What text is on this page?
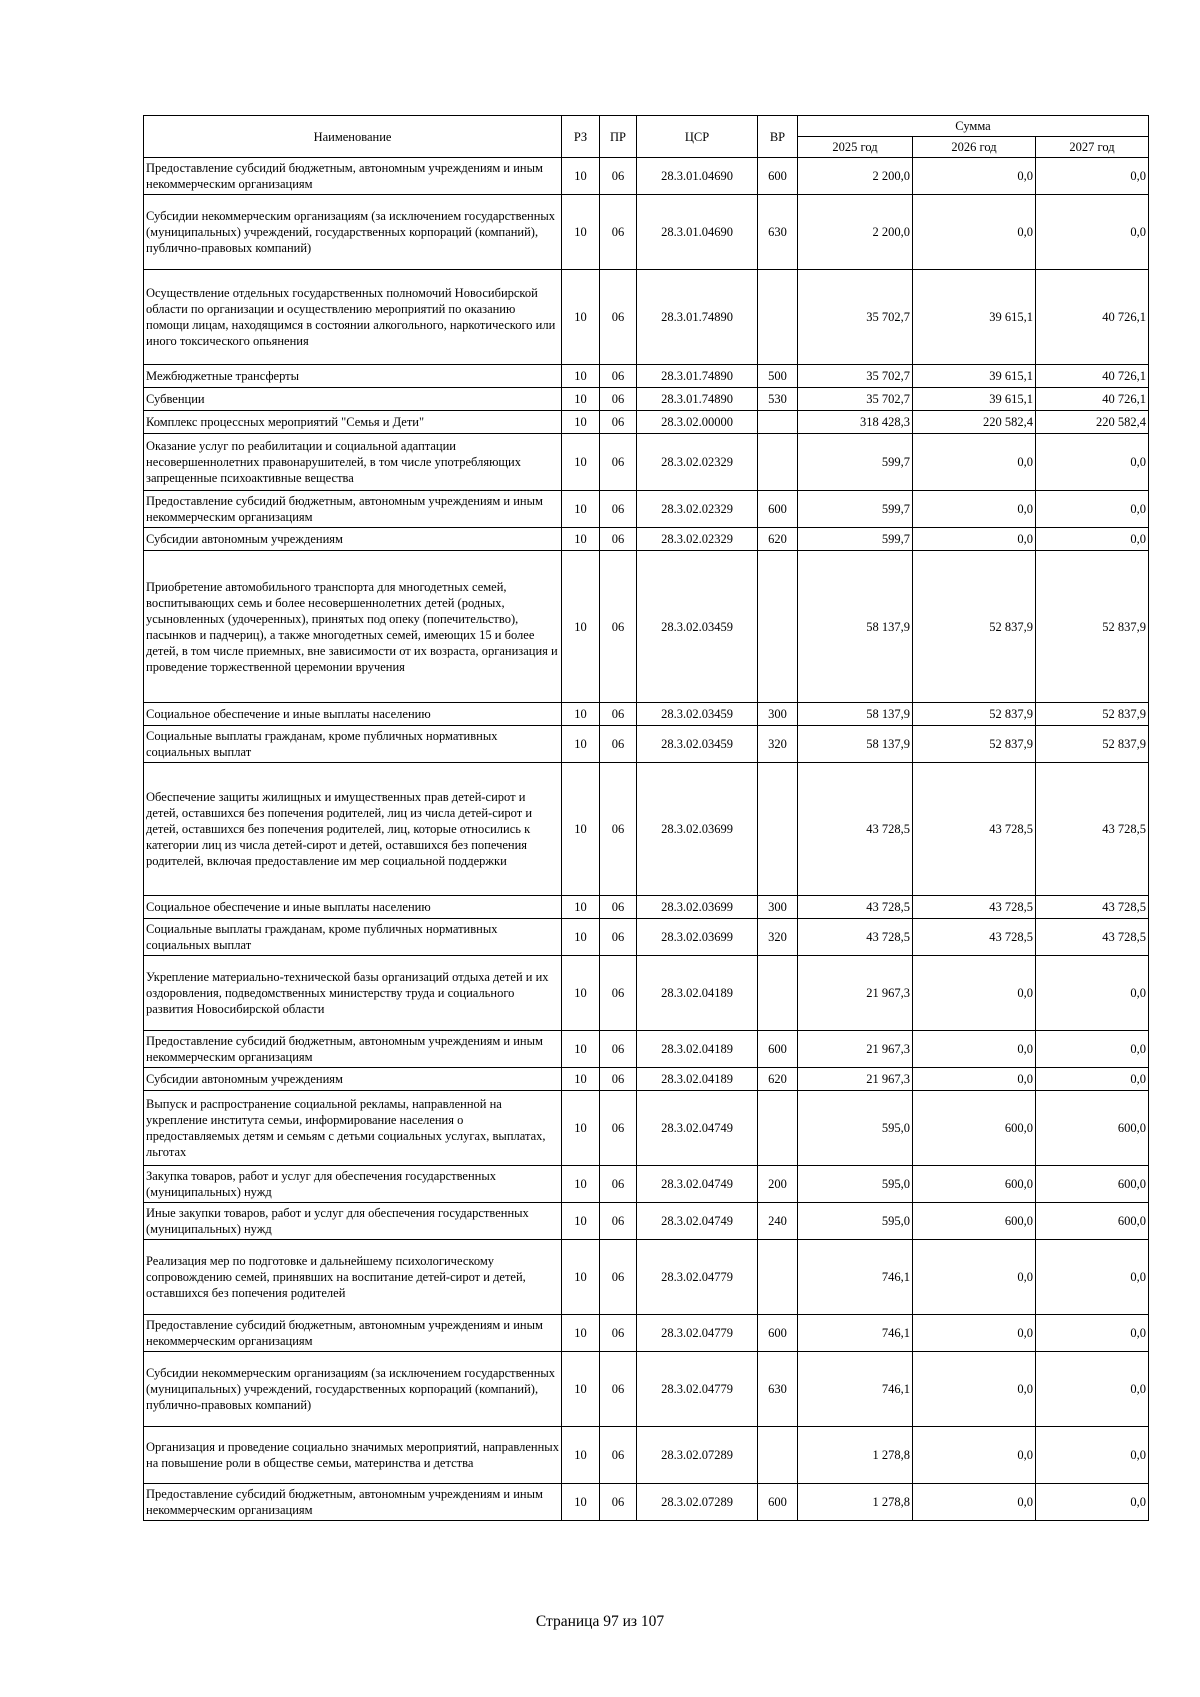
Наименование	РЗ	ПР	ЦСР	ВР	Сумма		
					2025 год	2026 год	2027 год
Предоставление субсидий бюджетным, автономным учреждениям и иным некоммерческим организациям	10	06	28.3.01.04690	600	2 200,0	0,0	0,0
Субсидии некоммерческим организациям (за исключением государственных (муниципальных) учреждений, государственных корпораций (компаний), публично-правовых компаний)	10	06	28.3.01.04690	630	2 200,0	0,0	0,0
Осуществление отдельных государственных полномочий Новосибирской области по организации и осуществлению мероприятий по оказанию помощи лицам, находящимся в состоянии алкогольного, наркотического или иного токсического опьянения	10	06	28.3.01.74890		35 702,7	39 615,1	40 726,1
Межбюджетные трансферты	10	06	28.3.01.74890	500	35 702,7	39 615,1	40 726,1
Субвенции	10	06	28.3.01.74890	530	35 702,7	39 615,1	40 726,1
Комплекс процессных мероприятий "Семья и Дети"	10	06	28.3.02.00000		318 428,3	220 582,4	220 582,4
Оказание услуг по реабилитации и социальной адаптации несовершеннолетних правонарушителей, в том числе употребляющих запрещенные психоактивные вещества	10	06	28.3.02.02329		599,7	0,0	0,0
Предоставление субсидий бюджетным, автономным учреждениям и иным некоммерческим организациям	10	06	28.3.02.02329	600	599,7	0,0	0,0
Субсидии автономным учреждениям	10	06	28.3.02.02329	620	599,7	0,0	0,0
Приобретение автомобильного транспорта для многодетных семей, воспитывающих семь и более несовершеннолетних детей (родных, усыновленных (удочеренных), принятых под опеку (попечительство), пасынков и падчериц), а также многодетных семей, имеющих 15 и более детей, в том числе приемных, вне зависимости от их возраста, организация и проведение торжественной церемонии вручения	10	06	28.3.02.03459		58 137,9	52 837,9	52 837,9
Социальное обеспечение и иные выплаты населению	10	06	28.3.02.03459	300	58 137,9	52 837,9	52 837,9
Социальные выплаты гражданам, кроме публичных нормативных социальных выплат	10	06	28.3.02.03459	320	58 137,9	52 837,9	52 837,9
Обеспечение защиты жилищных и имущественных прав детей-сирот и детей, оставшихся без попечения родителей, лиц из числа детей-сирот и детей, оставшихся без попечения родителей, лиц, которые относились к категории лиц из числа детей-сирот и детей, оставшихся без попечения родителей, включая предоставление им мер социальной поддержки	10	06	28.3.02.03699		43 728,5	43 728,5	43 728,5
Социальное обеспечение и иные выплаты населению	10	06	28.3.02.03699	300	43 728,5	43 728,5	43 728,5
Социальные выплаты гражданам, кроме публичных нормативных социальных выплат	10	06	28.3.02.03699	320	43 728,5	43 728,5	43 728,5
Укрепление материально-технической базы организаций отдыха детей и их оздоровления, подведомственных министерству труда и социального развития Новосибирской области	10	06	28.3.02.04189		21 967,3	0,0	0,0
Предоставление субсидий бюджетным, автономным учреждениям и иным некоммерческим организациям	10	06	28.3.02.04189	600	21 967,3	0,0	0,0
Субсидии автономным учреждениям	10	06	28.3.02.04189	620	21 967,3	0,0	0,0
Выпуск и распространение социальной рекламы, направленной на укрепление института семьи, информирование населения о предоставляемых детям и семьям с детьми социальных услугах, выплатах, льготах	10	06	28.3.02.04749		595,0	600,0	600,0
Закупка товаров, работ и услуг для обеспечения государственных (муниципальных) нужд	10	06	28.3.02.04749	200	595,0	600,0	600,0
Иные закупки товаров, работ и услуг для обеспечения государственных (муниципальных) нужд	10	06	28.3.02.04749	240	595,0	600,0	600,0
Реализация мер по подготовке и дальнейшему психологическому сопровождению семей, принявших на воспитание детей-сирот и детей, оставшихся без попечения родителей	10	06	28.3.02.04779		746,1	0,0	0,0
Предоставление субсидий бюджетным, автономным учреждениям и иным некоммерческим организациям	10	06	28.3.02.04779	600	746,1	0,0	0,0
Субсидии некоммерческим организациям (за исключением государственных (муниципальных) учреждений, государственных корпораций (компаний), публично-правовых компаний)	10	06	28.3.02.04779	630	746,1	0,0	0,0
Организация и проведение социально значимых мероприятий, направленных на повышение роли в обществе семьи, материнства и детства	10	06	28.3.02.07289		1 278,8	0,0	0,0
Предоставление субсидий бюджетным, автономным учреждениям и иным некоммерческим организациям	10	06	28.3.02.07289	600	1 278,8	0,0	0,0
Страница 97 из 107
